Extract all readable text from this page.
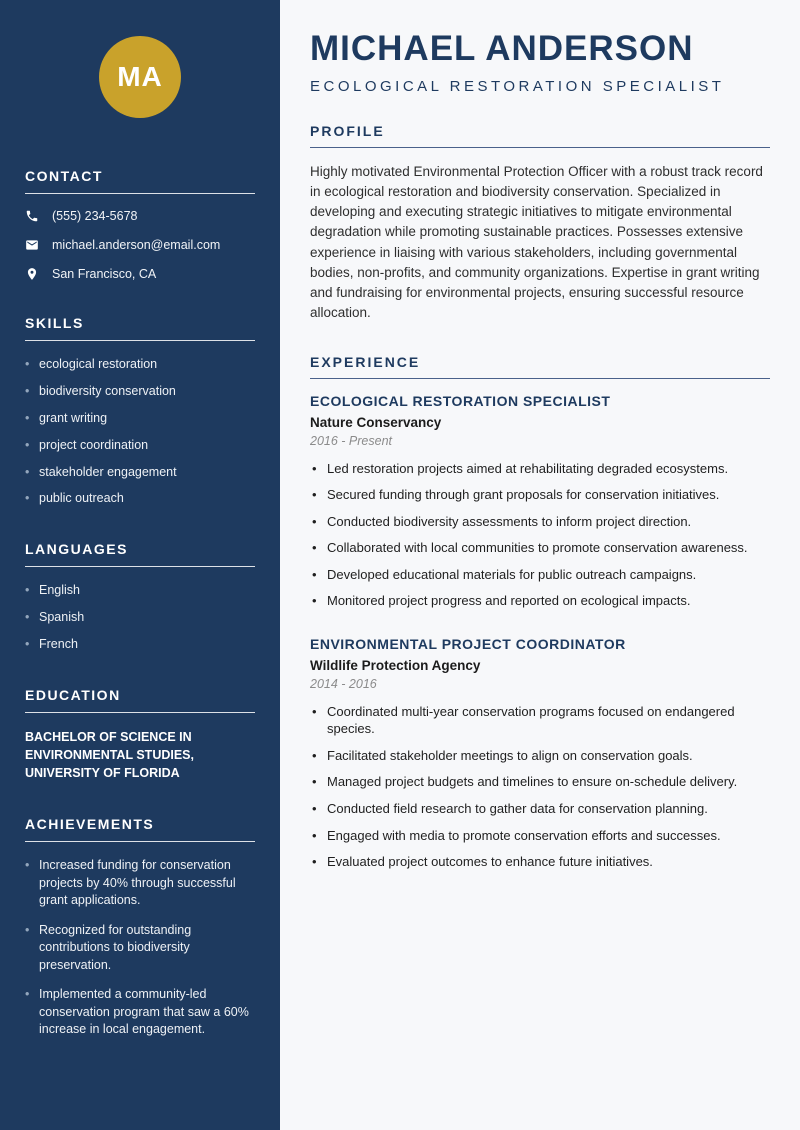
MA
CONTACT
(555) 234-5678
michael.anderson@email.com
San Francisco, CA
SKILLS
• ecological restoration
• biodiversity conservation
• grant writing
• project coordination
• stakeholder engagement
• public outreach
LANGUAGES
• English
• Spanish
• French
EDUCATION
BACHELOR OF SCIENCE IN ENVIRONMENTAL STUDIES, UNIVERSITY OF FLORIDA
ACHIEVEMENTS
• Increased funding for conservation projects by 40% through successful grant applications.
• Recognized for outstanding contributions to biodiversity preservation.
• Implemented a community-led conservation program that saw a 60% increase in local engagement.
MICHAEL ANDERSON
ECOLOGICAL RESTORATION SPECIALIST
PROFILE

Highly motivated Environmental Protection Officer with a robust track record in ecological restoration and biodiversity conservation. Specialized in developing and executing strategic initiatives to mitigate environmental degradation while promoting sustainable practices. Possesses extensive experience in liaising with various stakeholders, including governmental bodies, non-profits, and community organizations. Expertise in grant writing and fundraising for environmental projects, ensuring successful resource allocation.

EXPERIENCE
ECOLOGICAL RESTORATION SPECIALIST
Nature Conservancy
2016 - Present
• Led restoration projects aimed at rehabilitating degraded ecosystems.
• Secured funding through grant proposals for conservation initiatives.
• Conducted biodiversity assessments to inform project direction.
• Collaborated with local communities to promote conservation awareness.
• Developed educational materials for public outreach campaigns.
• Monitored project progress and reported on ecological impacts.
ENVIRONMENTAL PROJECT COORDINATOR
Wildlife Protection Agency
2014 - 2016
• Coordinated multi-year conservation programs focused on endangered species.
• Facilitated stakeholder meetings to align on conservation goals.
• Managed project budgets and timelines to ensure on-schedule delivery.
• Conducted field research to gather data for conservation planning.
• Engaged with media to promote conservation efforts and successes.
• Evaluated project outcomes to enhance future initiatives.
